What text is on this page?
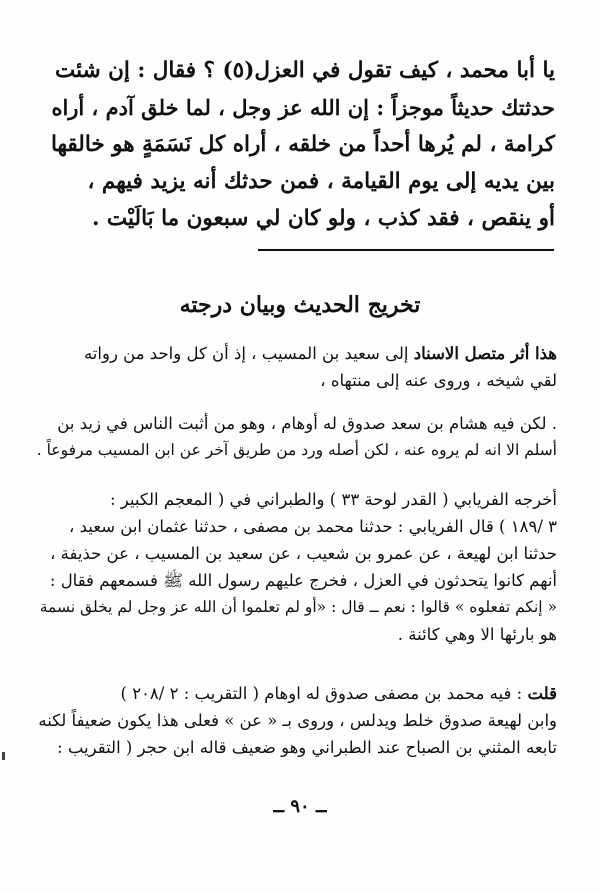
يا أبا محمد ، كيف تقول في العزل(٥) ؟ فقال : إن شئت

حدثتك حديثاً موجزاً : إن الله عز وجل ، لما خلق آدم ، أراه

كرامة ، لم يُرها أحداً من خلقه ، أراه كل نَسَمَةٍ هو خالقها

بين يديه إلى يوم القيامة ، فمن حدثك أنه يزيد فيهم ،

أو ينقص ، فقد كذب ، ولو كان لي سبعون ما بَالَيْت .

تخريج الحديث وبيان درجته

هذا أثر متصل الاسناد إلى سعيد بن المسيب ، إذ أن كل واحد من رواته

لقي شيخه ، وروى عنه إلى منتهاه ،

. لكن فيه هشام بن سعد صدوق له أوهام ، وهو من أثبت الناس في زيد بن

أسلم الا انه لم يروه عنه ، لكن أصله ورد من طريق آخر عن ابن المسيب مرفوعاً .

أخرجه الفريابي ( القدر لوحة ٣٣ ) والطبراني في ( المعجم الكبير :

٣ /١٨٩ ) قال الفريابي : حدثنا محمد بن مصفى ، حدثنا عثمان ابن سعيد ،

حدثنا ابن لهيعة ، عن عمرو بن شعيب ، عن سعيد بن المسيب ، عن حذيفة ،

أنهم كانوا يتحدثون في العزل ، فخرج عليهم رسول الله ﷺ فسمعهم فقال :

« إنكم تفعلوه » قالوا : نعم ــ قال : «أو لم تعلموا أن الله عز وجل لم يخلق نسمة

هو بارئها الا وهي كائنة .

قلت : فيه محمد بن مصفى صدوق له اوهام ( التقريب : ٢ /٢٠٨ )

وابن لهيعة صدوق خلط ويدلس ، وروى بـ « عن » فعلى هذا يكون ضعيفاً لكنه

تابعه المثني بن الصباح عند الطبراني وهو ضعيف قاله ابن حجر ( التقريب :

ــ ٩٠ ــ
